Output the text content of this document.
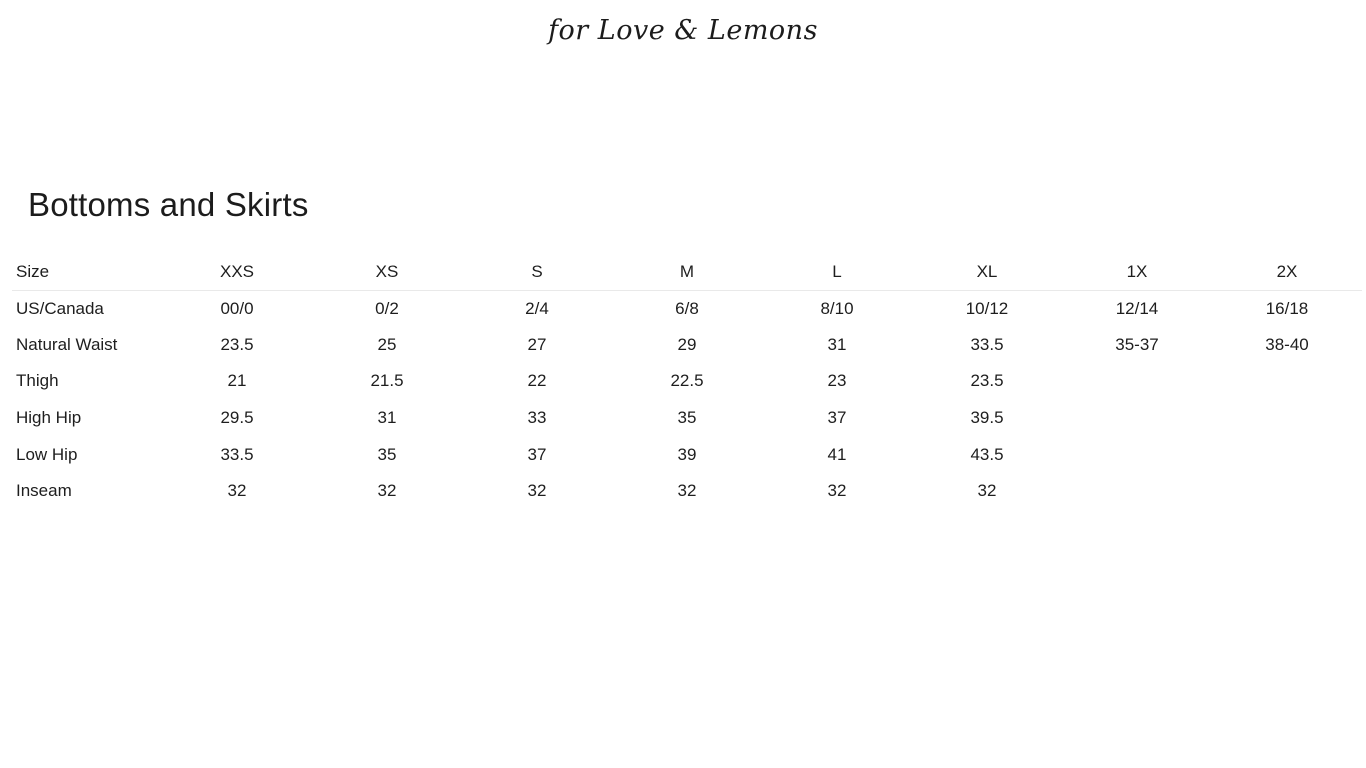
for Love & Lemons
Bottoms and Skirts
Size	XXS	XS	S	M	L	XL	1X	2X
US/Canada	00/0	0/2	2/4	6/8	8/10	10/12	12/14	16/18
Natural Waist	23.5	25	27	29	31	33.5	35-37	38-40
Thigh	21	21.5	22	22.5	23	23.5		
High Hip	29.5	31	33	35	37	39.5		
Low Hip	33.5	35	37	39	41	43.5		
Inseam	32	32	32	32	32	32		
